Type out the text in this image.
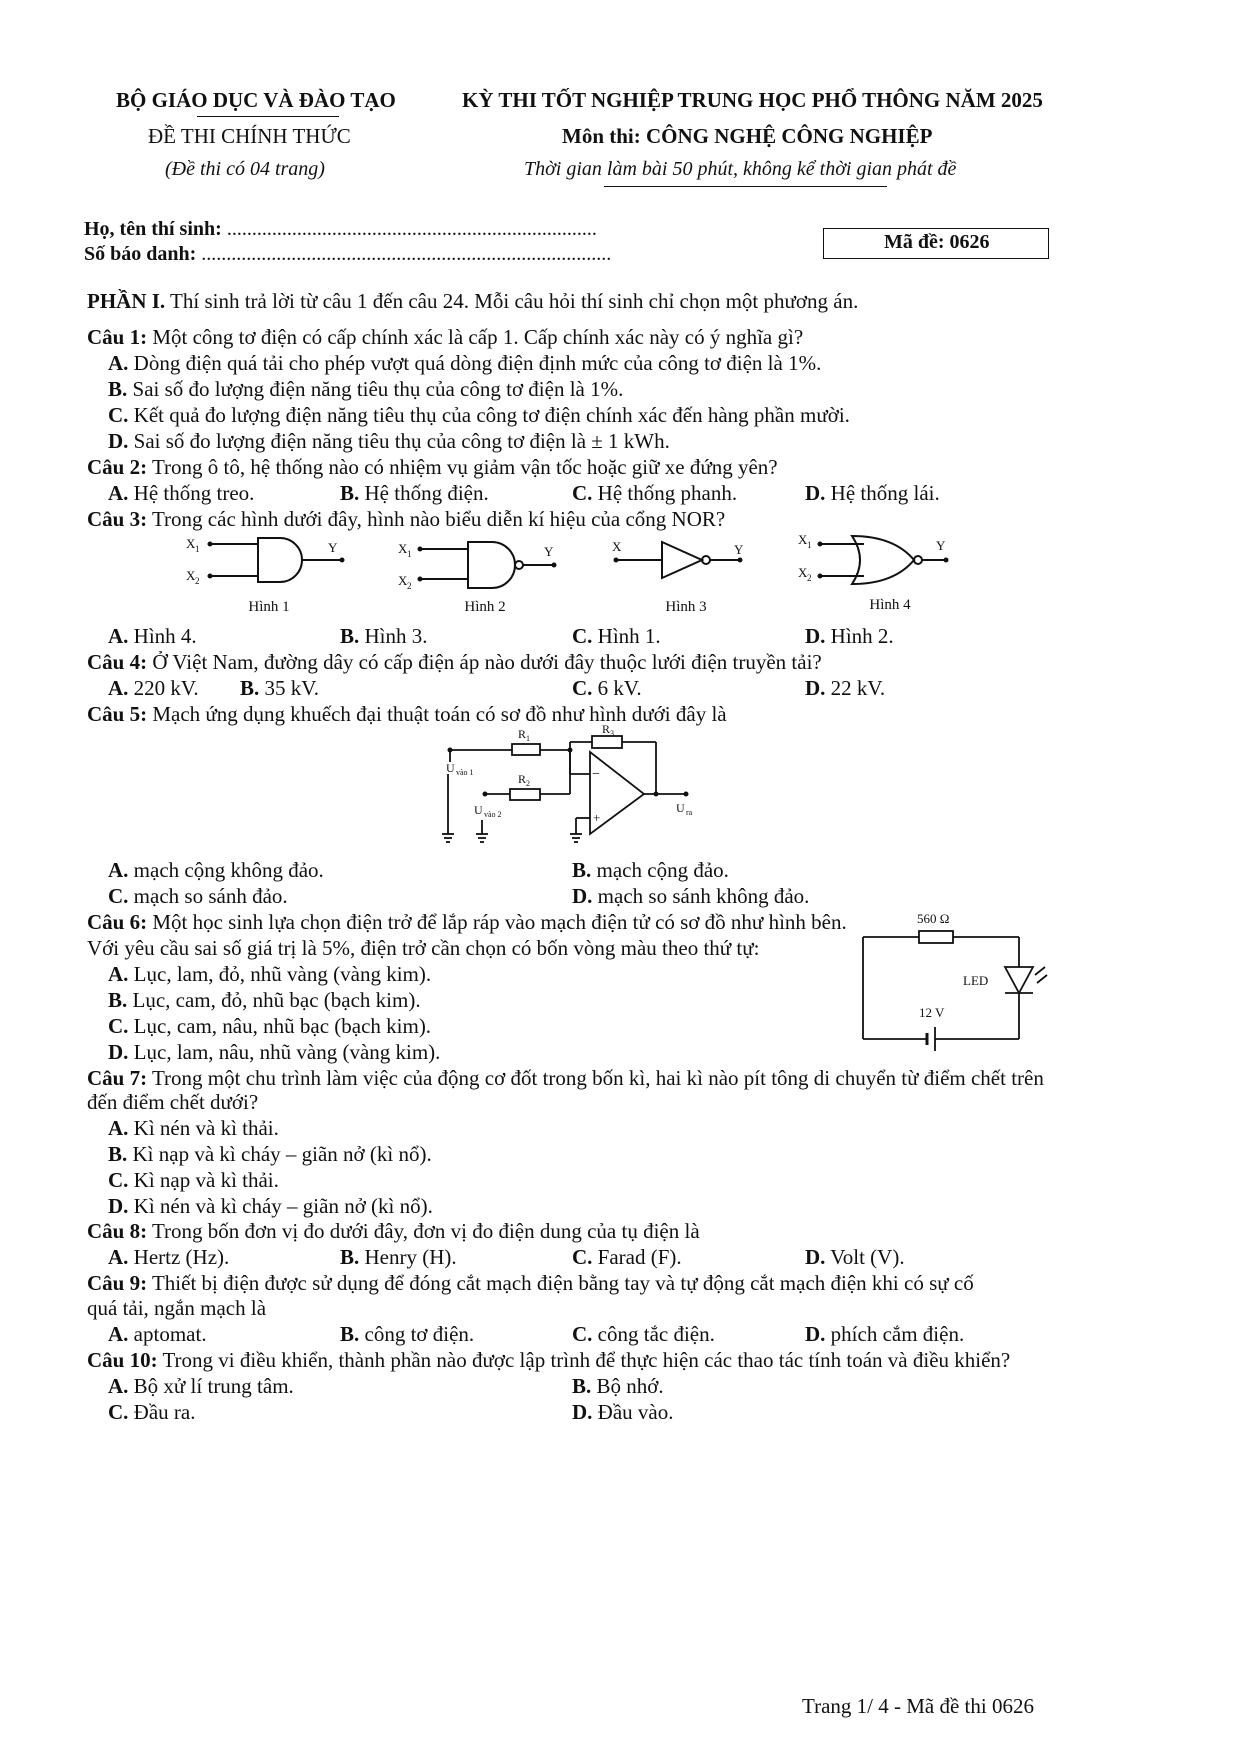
BỘ GIÁO DỤC VÀ ĐÀO TẠO
ĐỀ THI CHÍNH THỨC
(Đề thi có 04 trang)
KỲ THI TỐT NGHIỆP TRUNG HỌC PHỔ THÔNG NĂM 2025
Môn thi: CÔNG NGHỆ CÔNG NGHIỆP
Thời gian làm bài 50 phút, không kể thời gian phát đề
Họ, tên thí sinh: ..........................................................................
Số báo danh: ..................................................................................
Mã đề: 0626
PHẦN I. Thí sinh trả lời từ câu 1 đến câu 24. Mỗi câu hỏi thí sinh chỉ chọn một phương án.
Câu 1: Một công tơ điện có cấp chính xác là cấp 1. Cấp chính xác này có ý nghĩa gì?
A. Dòng điện quá tải cho phép vượt quá dòng điện định mức của công tơ điện là 1%.
B. Sai số đo lượng điện năng tiêu thụ của công tơ điện là 1%.
C. Kết quả đo lượng điện năng tiêu thụ của công tơ điện chính xác đến hàng phần mười.
D. Sai số đo lượng điện năng tiêu thụ của công tơ điện là ± 1 kWh.
Câu 2: Trong ô tô, hệ thống nào có nhiệm vụ giảm vận tốc hoặc giữ xe đứng yên?
A. Hệ thống treo.	B. Hệ thống điện.	C. Hệ thống phanh.	D. Hệ thống lái.
Câu 3: Trong các hình dưới đây, hình nào biểu diễn kí hiệu của cổng NOR?
X 1
X 2
Y	X 1
X 2
Y	X	Y
X 1
X 2
Y
Hình 1	Hình 2	Hình 3	Hình 4
A. Hình 4.	B. Hình 3.	C. Hình 1.	D. Hình 2.
Câu 4: Ở Việt Nam, đường dây có cấp điện áp nào dưới đây thuộc lưới điện truyền tải?
A. 220 kV. B. 35 kV.	C. 6 kV.	D. 22 kV.
Câu 5: Mạch ứng dụng khuếch đại thuật toán có sơ đồ như hình dưới đây là
R 1
R 3
R 2
U vào 1
U vào 2	U ra
−
+
A. mạch cộng không đảo.	B. mạch cộng đảo.
C. mạch so sánh đảo.	D. mạch so sánh không đảo.
Câu 6: Một học sinh lựa chọn điện trở để lắp ráp vào mạch điện tử có sơ đồ như hình bên.
Với yêu cầu sai số giá trị là 5%, điện trở cần chọn có bốn vòng màu theo thứ tự:
A. Lục, lam, đỏ, nhũ vàng (vàng kim).
B. Lục, cam, đỏ, nhũ bạc (bạch kim).
C. Lục, cam, nâu, nhũ bạc (bạch kim).
D. Lục, lam, nâu, nhũ vàng (vàng kim).
560 Ω
LED
12 V
Câu 7: Trong một chu trình làm việc của động cơ đốt trong bốn kì, hai kì nào pít tông di chuyển từ điểm chết trên
đến điểm chết dưới?
A. Kì nén và kì thải.
B. Kì nạp và kì cháy – giãn nở (kì nổ).
C. Kì nạp và kì thải.
D. Kì nén và kì cháy – giãn nở (kì nổ).
Câu 8: Trong bốn đơn vị đo dưới đây, đơn vị đo điện dung của tụ điện là
A. Hertz (Hz).	B. Henry (H).	C. Farad (F).	D. Volt (V).
Câu 9: Thiết bị điện được sử dụng để đóng cắt mạch điện bằng tay và tự động cắt mạch điện khi có sự cố
quá tải, ngắn mạch là
A. aptomat.	B. công tơ điện.	C. công tắc điện.	D. phích cắm điện.
Câu 10: Trong vi điều khiển, thành phần nào được lập trình để thực hiện các thao tác tính toán và điều khiển?
A. Bộ xử lí trung tâm.	B. Bộ nhớ.
C. Đầu ra.	D. Đầu vào.
Trang 1/ 4 - Mã đề thi 0626
